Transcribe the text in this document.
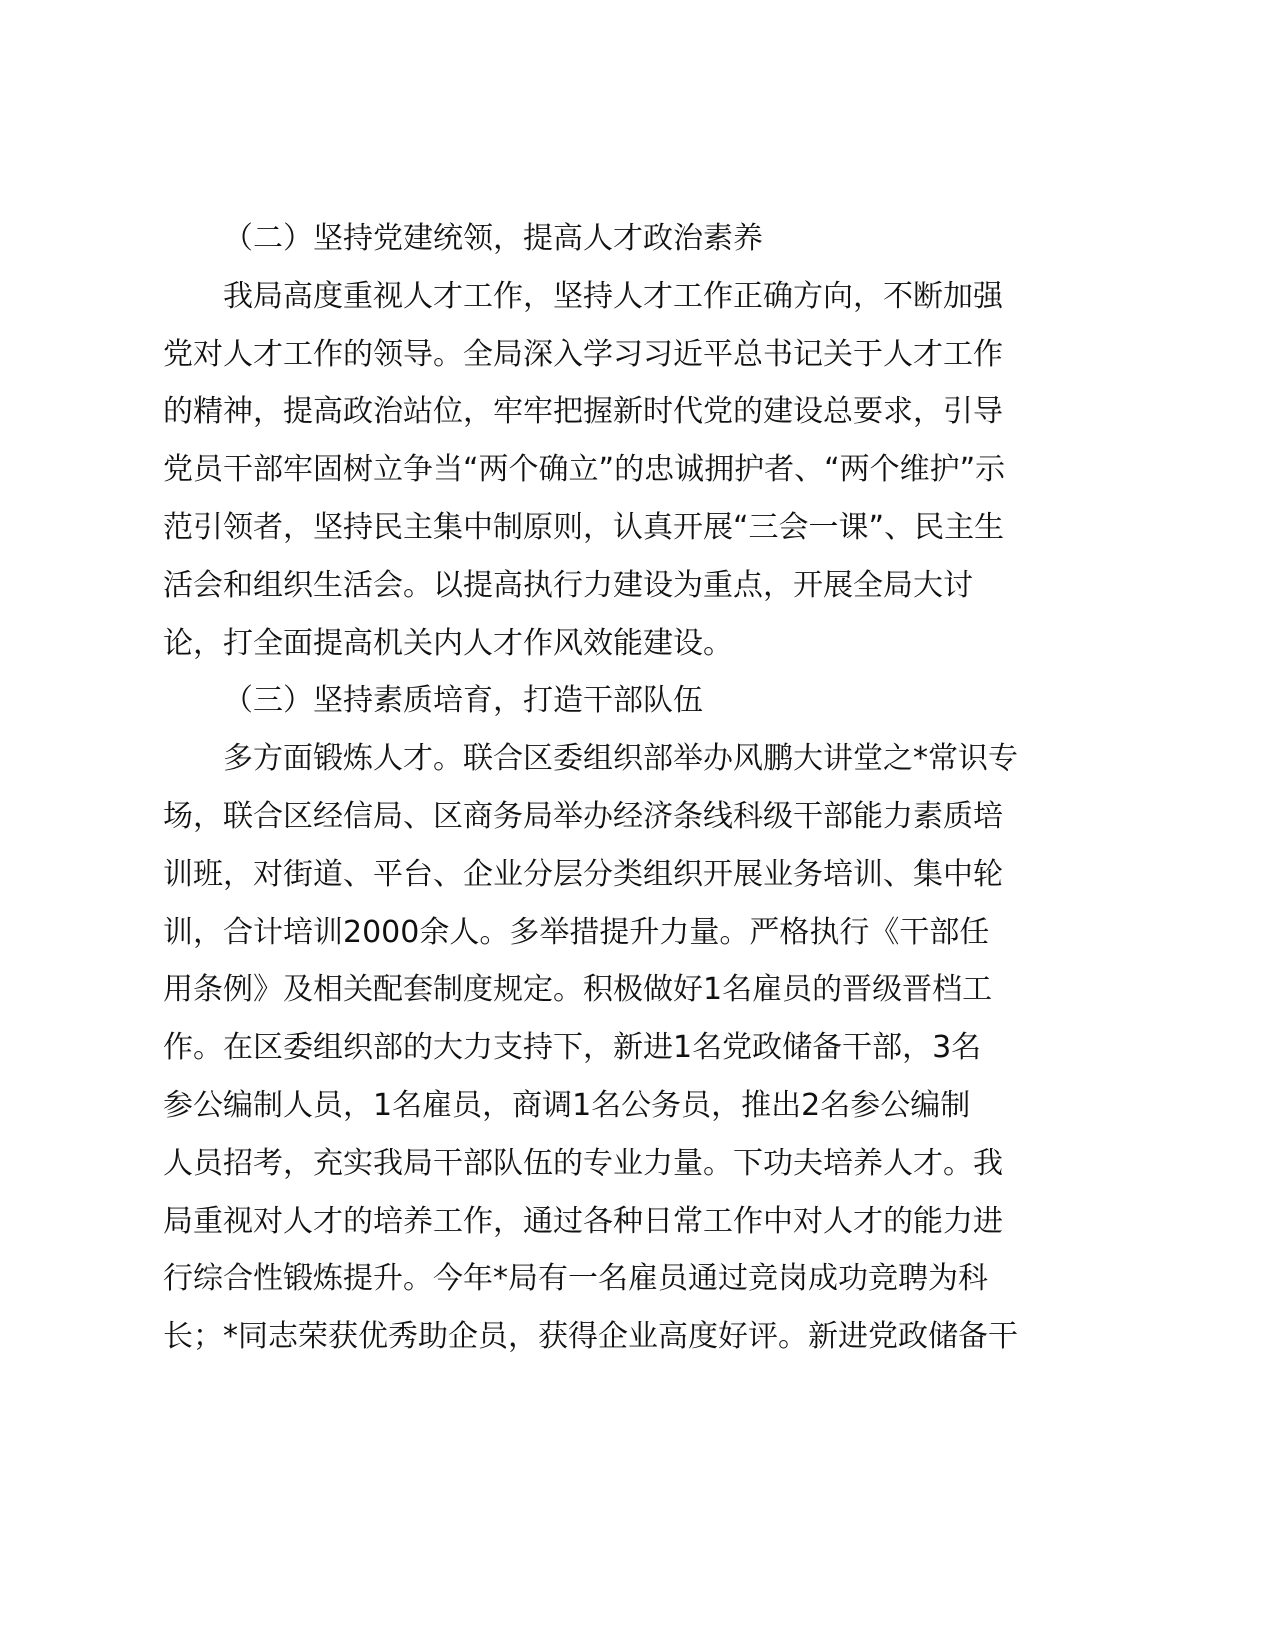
（二）坚持党建统领，提高人才政治素养
我局高度重视人才工作，坚持人才工作正确方向，不断加强
党对人才工作的领导。全局深入学习习近平总书记关于人才工作
的精神，提高政治站位，牢牢把握新时代党的建设总要求，引导
党员干部牢固树立争当“两个确立”的忠诚拥护者、“两个维护”示
范引领者，坚持民主集中制原则，认真开展“三会一课”、民主生
活会和组织生活会。以提高执行力建设为重点，开展全局大讨
论，打全面提高机关内人才作风效能建设。
（三）坚持素质培育，打造干部队伍
多方面锻炼人才。联合区委组织部举办风鹏大讲堂之*常识专
场，联合区经信局、区商务局举办经济条线科级干部能力素质培
训班，对街道、平台、企业分层分类组织开展业务培训、集中轮
训，合计培训2000余人。多举措提升力量。严格执行《干部任
用条例》及相关配套制度规定。积极做好1名雇员的晋级晋档工
作。在区委组织部的大力支持下，新进1名党政储备干部，3名
参公编制人员，1名雇员，商调1名公务员，推出2名参公编制
人员招考，充实我局干部队伍的专业力量。下功夫培养人才。我
局重视对人才的培养工作，通过各种日常工作中对人才的能力进
行综合性锻炼提升。今年*局有一名雇员通过竞岗成功竞聘为科
长；*同志荣获优秀助企员，获得企业高度好评。新进党政储备干
